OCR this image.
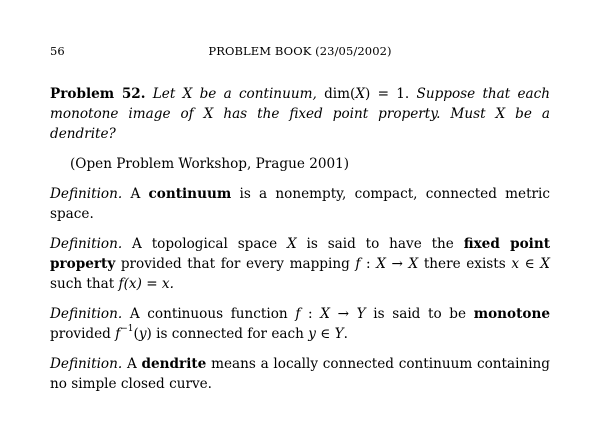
56	PROBLEM BOOK (23/05/2002)

Problem 52. Let X be a continuum, dim(X) = 1. Suppose that each monotone image of X has the fixed point property. Must X be a dendrite?

(Open Problem Workshop, Prague 2001)

Definition. A continuum is a nonempty, compact, connected metric space.

Definition. A topological space X is said to have the fixed point property provided that for every mapping f : X → X there exists x ∈ X such that f(x) = x.

Definition. A continuous function f : X → Y is said to be monotone provided $f^{-1}(y)$ is connected for each y ∈ Y.

Definition. A dendrite means a locally connected continuum containing no simple closed curve.
